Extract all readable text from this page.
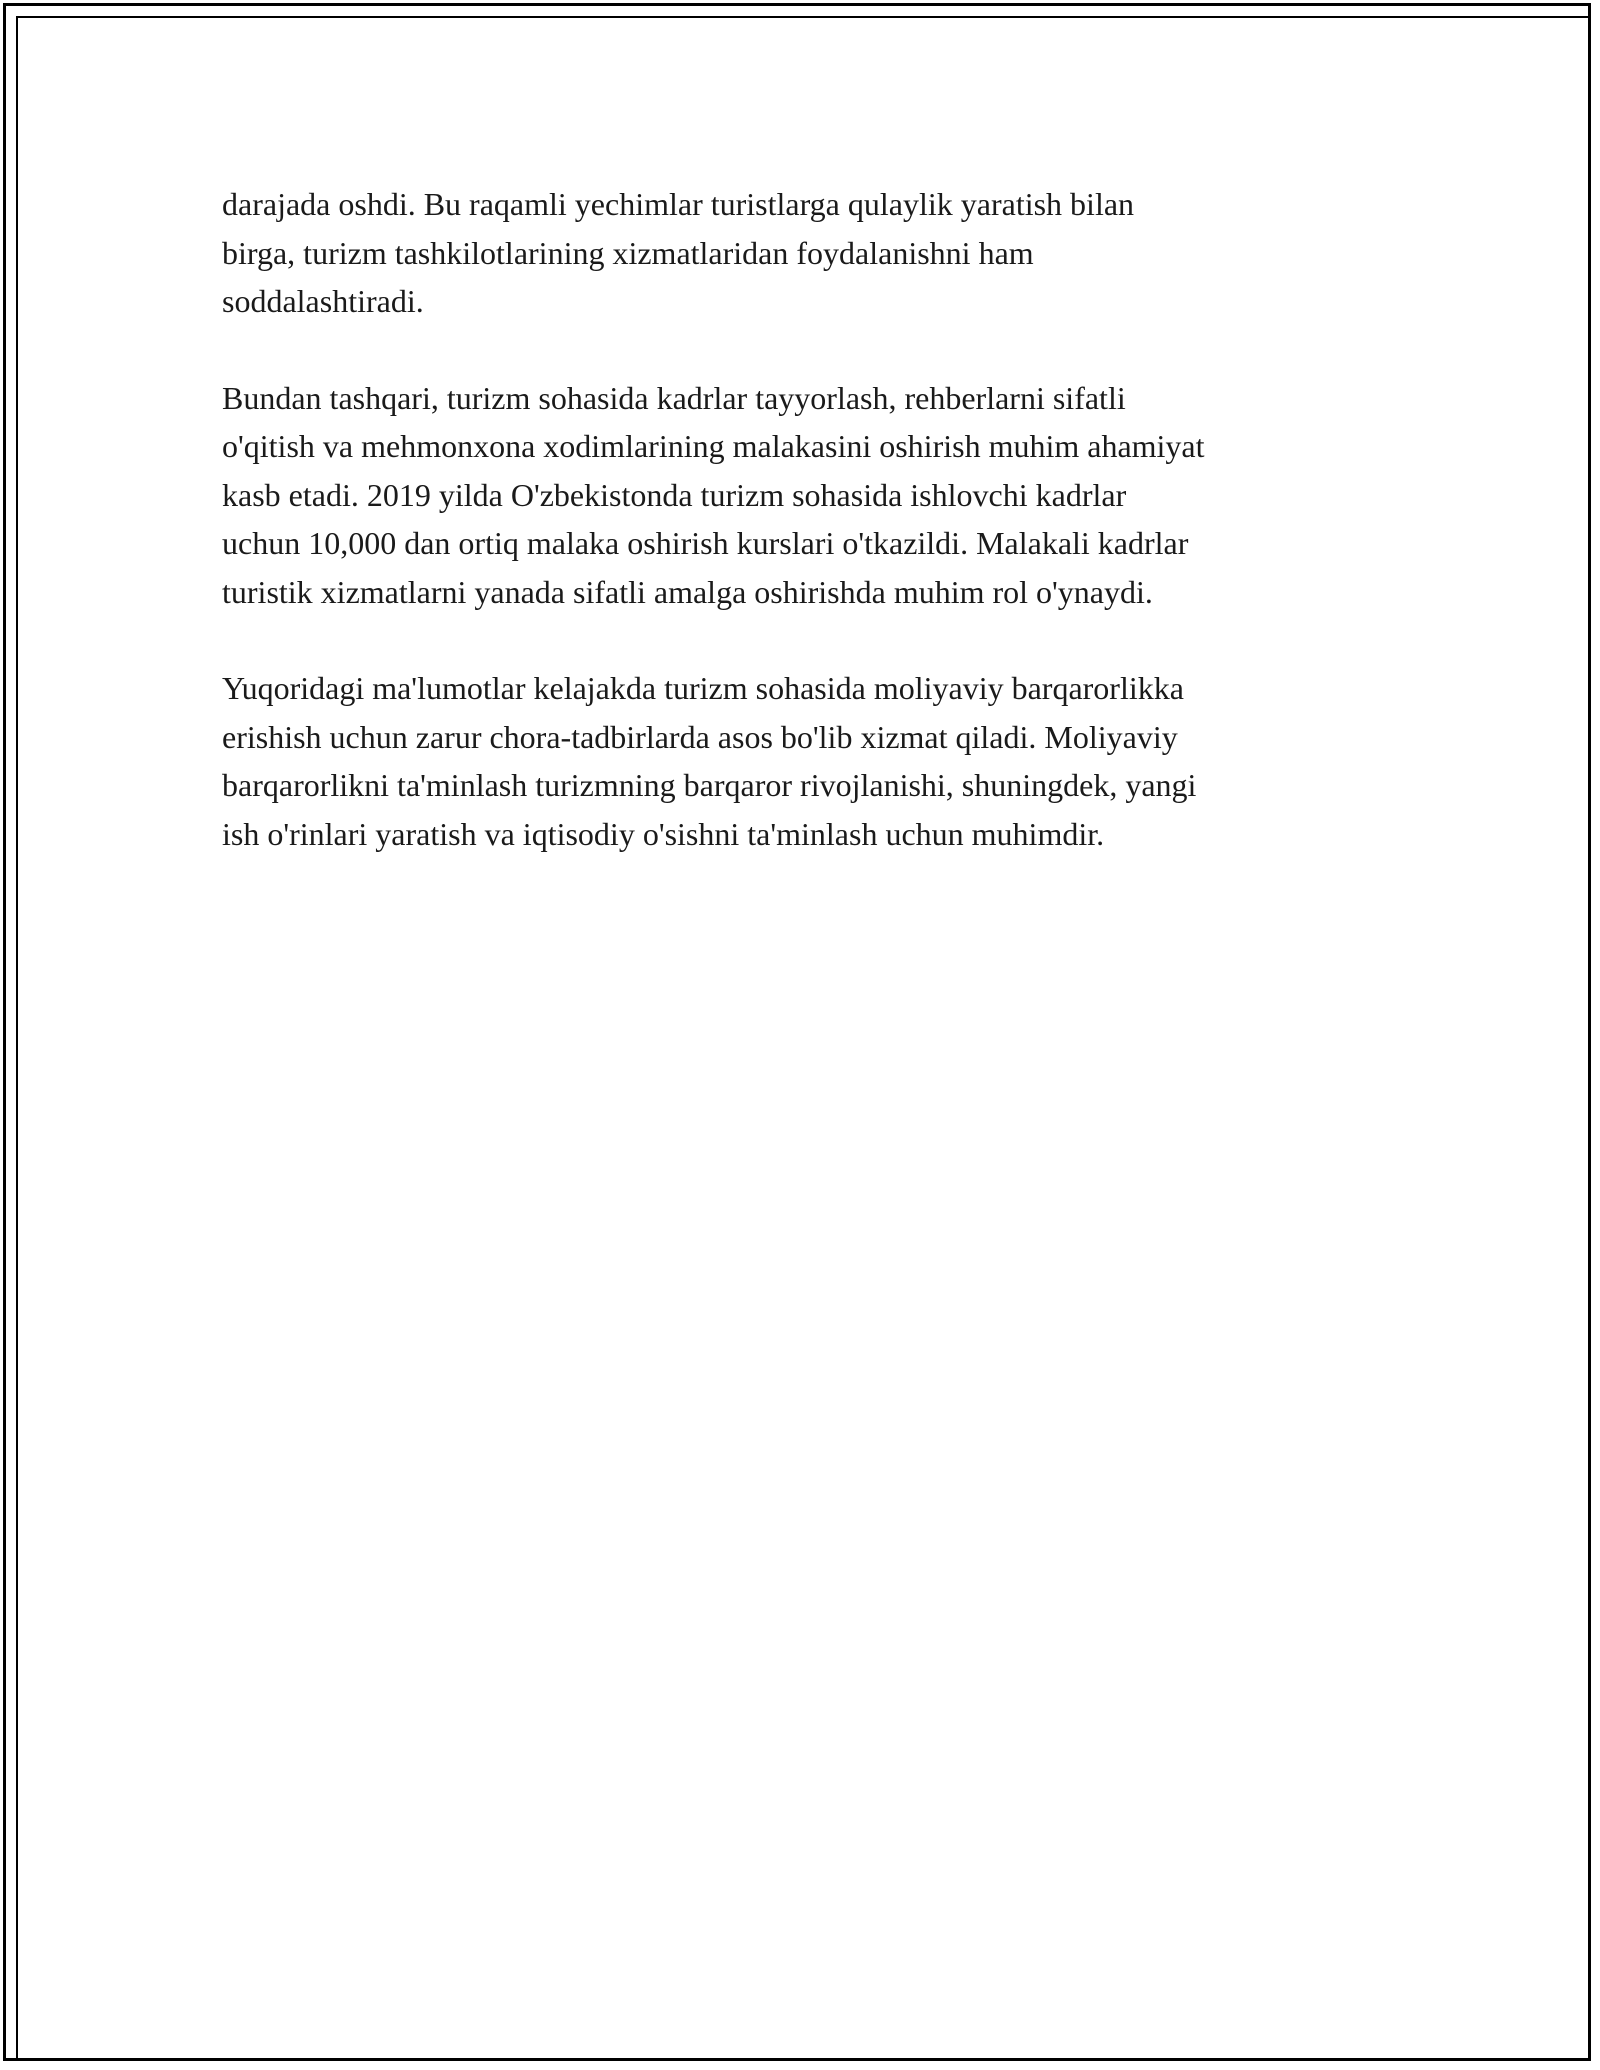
darajada oshdi. Bu raqamli yechimlar turistlarga qulaylik yaratish bilan
birga, turizm tashkilotlarining xizmatlaridan foydalanishni ham
soddalashtiradi.

Bundan tashqari, turizm sohasida kadrlar tayyorlash, rehberlarni sifatli
o'qitish va mehmonxona xodimlarining malakasini oshirish muhim ahamiyat
kasb etadi. 2019 yilda O'zbekistonda turizm sohasida ishlovchi kadrlar
uchun 10,000 dan ortiq malaka oshirish kurslari o'tkazildi. Malakali kadrlar
turistik xizmatlarni yanada sifatli amalga oshirishda muhim rol o'ynaydi.

Yuqoridagi ma'lumotlar kelajakda turizm sohasida moliyaviy barqarorlikka
erishish uchun zarur chora-tadbirlarda asos bo'lib xizmat qiladi. Moliyaviy
barqarorlikni ta'minlash turizmning barqaror rivojlanishi, shuningdek, yangi
ish o'rinlari yaratish va iqtisodiy o'sishni ta'minlash uchun muhimdir.
